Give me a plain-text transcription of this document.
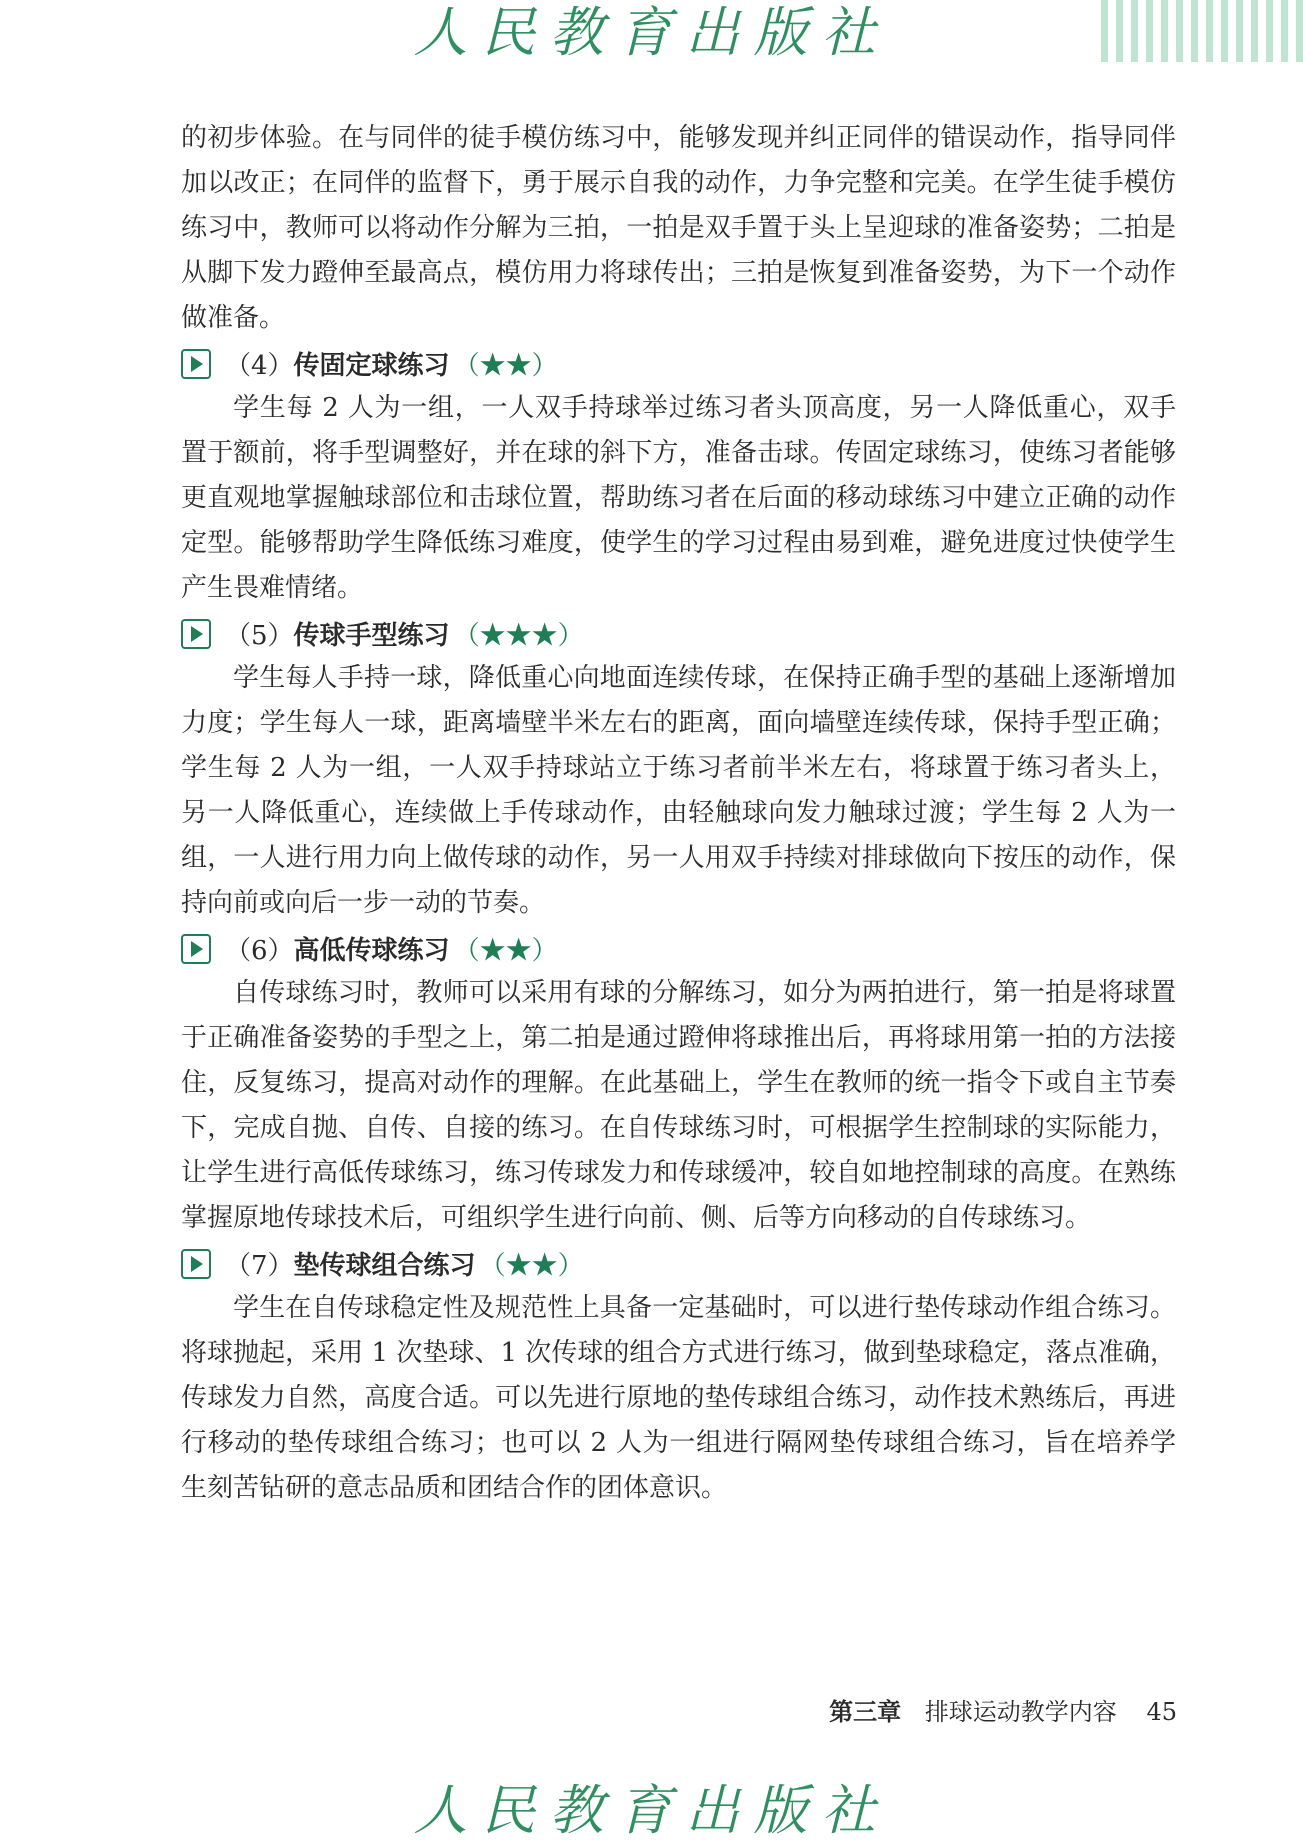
人民教育出版社

的初步体验。在与同伴的徒手模仿练习中，能够发现并纠正同伴的错误动作，指导同伴加以改正；在同伴的监督下，勇于展示自我的动作，力争完整和完美。在学生徒手模仿练习中，教师可以将动作分解为三拍，一拍是双手置于头上呈迎球的准备姿势；二拍是从脚下发力蹬伸至最高点，模仿用力将球传出；三拍是恢复到准备姿势，为下一个动作做准备。

（4） 传固定球练习 （★★）

学生每 2 人为一组，一人双手持球举过练习者头顶高度，另一人降低重心，双手置于额前，将手型调整好，并在球的斜下方，准备击球。传固定球练习，使练习者能够更直观地掌握触球部位和击球位置，帮助练习者在后面的移动球练习中建立正确的动作定型。能够帮助学生降低练习难度，使学生的学习过程由易到难，避免进度过快使学生产生畏难情绪。

（5） 传球手型练习 （★★★）

学生每人手持一球，降低重心向地面连续传球，在保持正确手型的基础上逐渐增加力度；学生每人一球，距离墙壁半米左右的距离，面向墙壁连续传球，保持手型正确；学生每 2 人为一组，一人双手持球站立于练习者前半米左右，将球置于练习者头上，另一人降低重心，连续做上手传球动作，由轻触球向发力触球过渡；学生每 2 人为一组，一人进行用力向上做传球的动作，另一人用双手持续对排球做向下按压的动作，保持向前或向后一步一动的节奏。

（6） 高低传球练习 （★★）

自传球练习时，教师可以采用有球的分解练习，如分为两拍进行，第一拍是将球置于正确准备姿势的手型之上，第二拍是通过蹬伸将球推出后，再将球用第一拍的方法接住，反复练习，提高对动作的理解。在此基础上，学生在教师的统一指令下或自主节奏下，完成自抛、自传、自接的练习。在自传球练习时，可根据学生控制球的实际能力，让学生进行高低传球练习，练习传球发力和传球缓冲，较自如地控制球的高度。在熟练掌握原地传球技术后，可组织学生进行向前、侧、后等方向移动的自传球练习。

（7） 垫传球组合练习 （★★）

学生在自传球稳定性及规范性上具备一定基础时，可以进行垫传球动作组合练习。将球抛起，采用 1 次垫球、1 次传球的组合方式进行练习，做到垫球稳定，落点准确，传球发力自然，高度合适。可以先进行原地的垫传球组合练习，动作技术熟练后，再进行移动的垫传球组合练习；也可以 2 人为一组进行隔网垫传球组合练习，旨在培养学生刻苦钻研的意志品质和团结合作的团体意识。

第三章 排球运动教学内容 45
人民教育出版社
